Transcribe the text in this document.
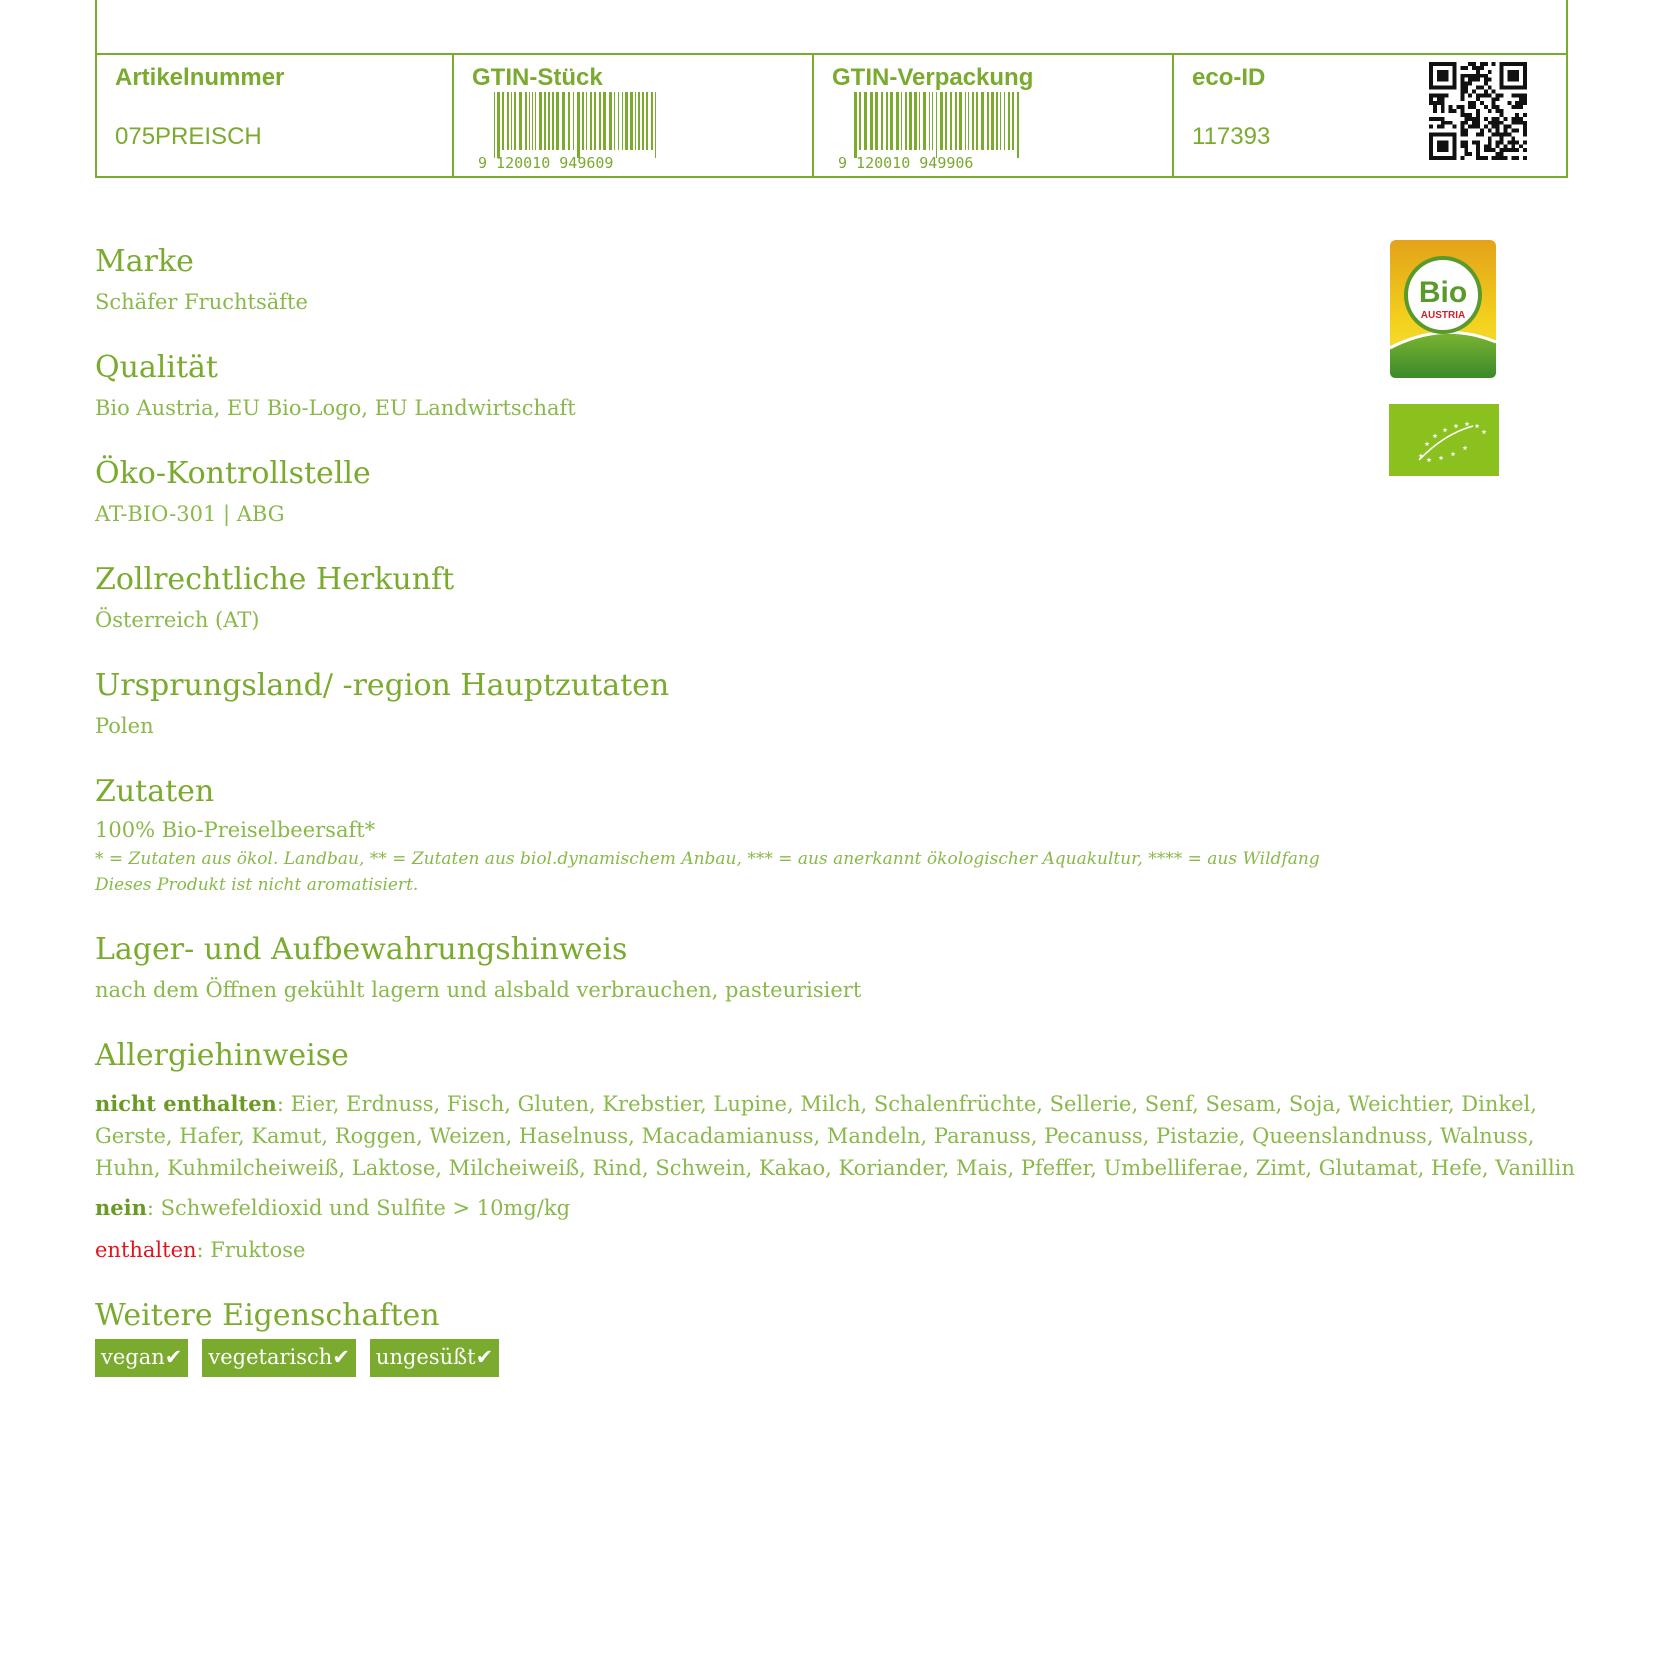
Artikelnummer
075PREISCH
GTIN-Stück
9 120010 949609
GTIN-Verpackung
9 120010 949906
eco-ID
117393
Marke
Schäfer Fruchtsäfte
Qualität
Bio Austria, EU Bio-Logo, EU Landwirtschaft
Öko-Kontrollstelle
AT-BIO-301 | ABG
Zollrechtliche Herkunft
Österreich (AT)
Ursprungsland/ -region Hauptzutaten
Polen
Zutaten
100% Bio-Preiselbeersaft*
* = Zutaten aus ökol. Landbau, ** = Zutaten aus biol.dynamischem Anbau, *** = aus anerkannt ökologischer Aquakultur, **** = aus Wildfang
Dieses Produkt ist nicht aromatisiert.
Lager- und Aufbewahrungshinweis
nach dem Öffnen gekühlt lagern und alsbald verbrauchen, pasteurisiert
Allergiehinweise
nicht enthalten: Eier, Erdnuss, Fisch, Gluten, Krebstier, Lupine, Milch, Schalenfrüchte, Sellerie, Senf, Sesam, Soja, Weichtier, Dinkel, Gerste, Hafer, Kamut, Roggen, Weizen, Haselnuss, Macadamianuss, Mandeln, Paranuss, Pecanuss, Pistazie, Queenslandnuss, Walnuss, Huhn, Kuhmilcheiweiß, Laktose, Milcheiweiß, Rind, Schwein, Kakao, Koriander, Mais, Pfeffer, Umbelliferae, Zimt, Glutamat, Hefe, Vanillin
nein: Schwefeldioxid und Sulfite > 10mg/kg
enthalten: Fruktose
Weitere Eigenschaften
vegan✔ vegetarisch✔ ungesüßt✔
Bio
AUSTRIA
